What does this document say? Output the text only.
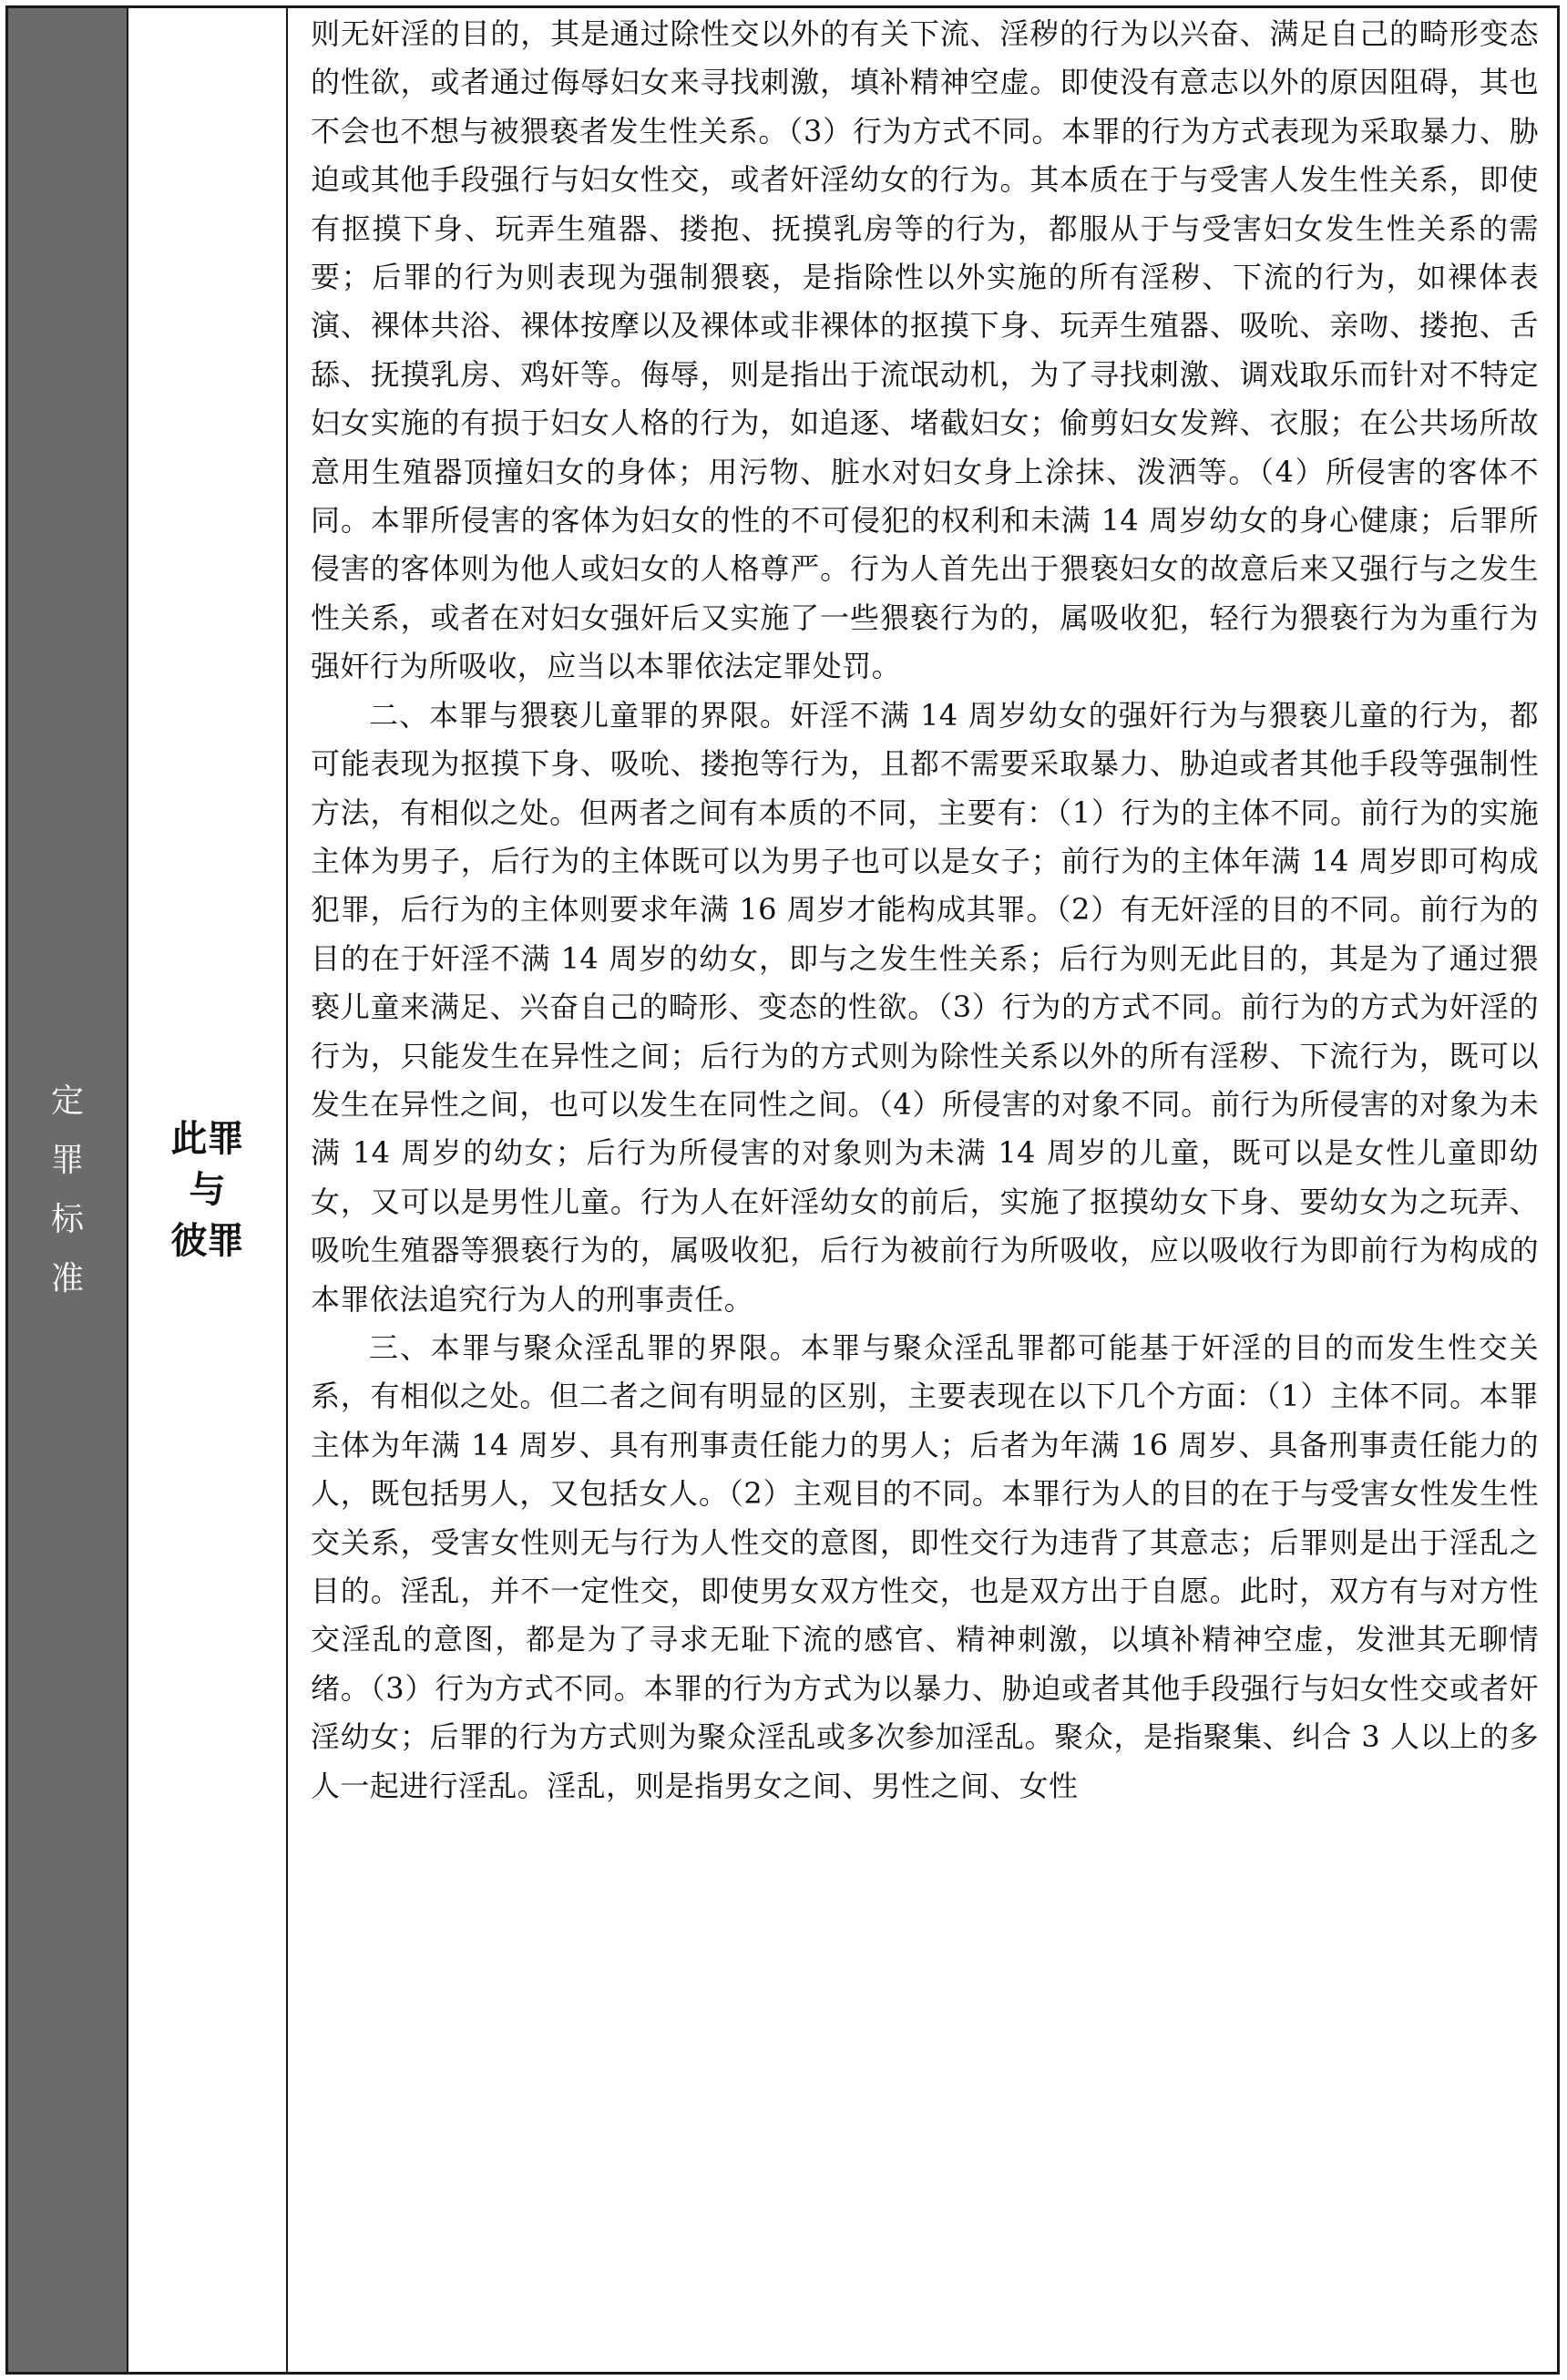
定
罪
标
准
此罪
与
彼罪

则无奸淫的目的，其是通过除性交以外的有关下流、淫秽的行为以兴奋、满足自己的畸形变态的性欲，或者通过侮辱妇女来寻找刺激，填补精神空虚。即使没有意志以外的原因阻碍，其也不会也不想与被猥亵者发生性关系。（3）行为方式不同。本罪的行为方式表现为采取暴力、胁迫或其他手段强行与妇女性交，或者奸淫幼女的行为。其本质在于与受害人发生性关系，即使有抠摸下身、玩弄生殖器、搂抱、抚摸乳房等的行为，都服从于与受害妇女发生性关系的需要；后罪的行为则表现为强制猥亵，是指除性以外实施的所有淫秽、下流的行为，如裸体表演、裸体共浴、裸体按摩以及裸体或非裸体的抠摸下身、玩弄生殖器、吸吮、亲吻、搂抱、舌舔、抚摸乳房、鸡奸等。侮辱，则是指出于流氓动机，为了寻找刺激、调戏取乐而针对不特定妇女实施的有损于妇女人格的行为，如追逐、堵截妇女；偷剪妇女发辫、衣服；在公共场所故意用生殖器顶撞妇女的身体；用污物、脏水对妇女身上涂抹、泼洒等。（4）所侵害的客体不同。本罪所侵害的客体为妇女的性的不可侵犯的权利和未满 14 周岁幼女的身心健康；后罪所侵害的客体则为他人或妇女的人格尊严。行为人首先出于猥亵妇女的故意后来又强行与之发生性关系，或者在对妇女强奸后又实施了一些猥亵行为的，属吸收犯，轻行为猥亵行为为重行为强奸行为所吸收，应当以本罪依法定罪处罚。

二、本罪与猥亵儿童罪的界限。奸淫不满 14 周岁幼女的强奸行为与猥亵儿童的行为，都可能表现为抠摸下身、吸吮、搂抱等行为，且都不需要采取暴力、胁迫或者其他手段等强制性方法，有相似之处。但两者之间有本质的不同，主要有：（1）行为的主体不同。前行为的实施主体为男子，后行为的主体既可以为男子也可以是女子；前行为的主体年满 14 周岁即可构成犯罪，后行为的主体则要求年满 16 周岁才能构成其罪。（2）有无奸淫的目的不同。前行为的目的在于奸淫不满 14 周岁的幼女，即与之发生性关系；后行为则无此目的，其是为了通过猥亵儿童来满足、兴奋自己的畸形、变态的性欲。（3）行为的方式不同。前行为的方式为奸淫的行为，只能发生在异性之间；后行为的方式则为除性关系以外的所有淫秽、下流行为，既可以发生在异性之间，也可以发生在同性之间。（4）所侵害的对象不同。前行为所侵害的对象为未满 14 周岁的幼女；后行为所侵害的对象则为未满 14 周岁的儿童，既可以是女性儿童即幼女，又可以是男性儿童。行为人在奸淫幼女的前后，实施了抠摸幼女下身、要幼女为之玩弄、吸吮生殖器等猥亵行为的，属吸收犯，后行为被前行为所吸收，应以吸收行为即前行为构成的本罪依法追究行为人的刑事责任。

三、本罪与聚众淫乱罪的界限。本罪与聚众淫乱罪都可能基于奸淫的目的而发生性交关系，有相似之处。但二者之间有明显的区别，主要表现在以下几个方面：（1）主体不同。本罪主体为年满 14 周岁、具有刑事责任能力的男人；后者为年满 16 周岁、具备刑事责任能力的人，既包括男人，又包括女人。（2）主观目的不同。本罪行为人的目的在于与受害女性发生性交关系，受害女性则无与行为人性交的意图，即性交行为违背了其意志；后罪则是出于淫乱之目的。淫乱，并不一定性交，即使男女双方性交，也是双方出于自愿。此时，双方有与对方性交淫乱的意图，都是为了寻求无耻下流的感官、精神刺激，以填补精神空虚，发泄其无聊情绪。（3）行为方式不同。本罪的行为方式为以暴力、胁迫或者其他手段强行与妇女性交或者奸淫幼女；后罪的行为方式则为聚众淫乱或多次参加淫乱。聚众，是指聚集、纠合 3 人以上的多人一起进行淫乱。淫乱，则是指男女之间、男性之间、女性
